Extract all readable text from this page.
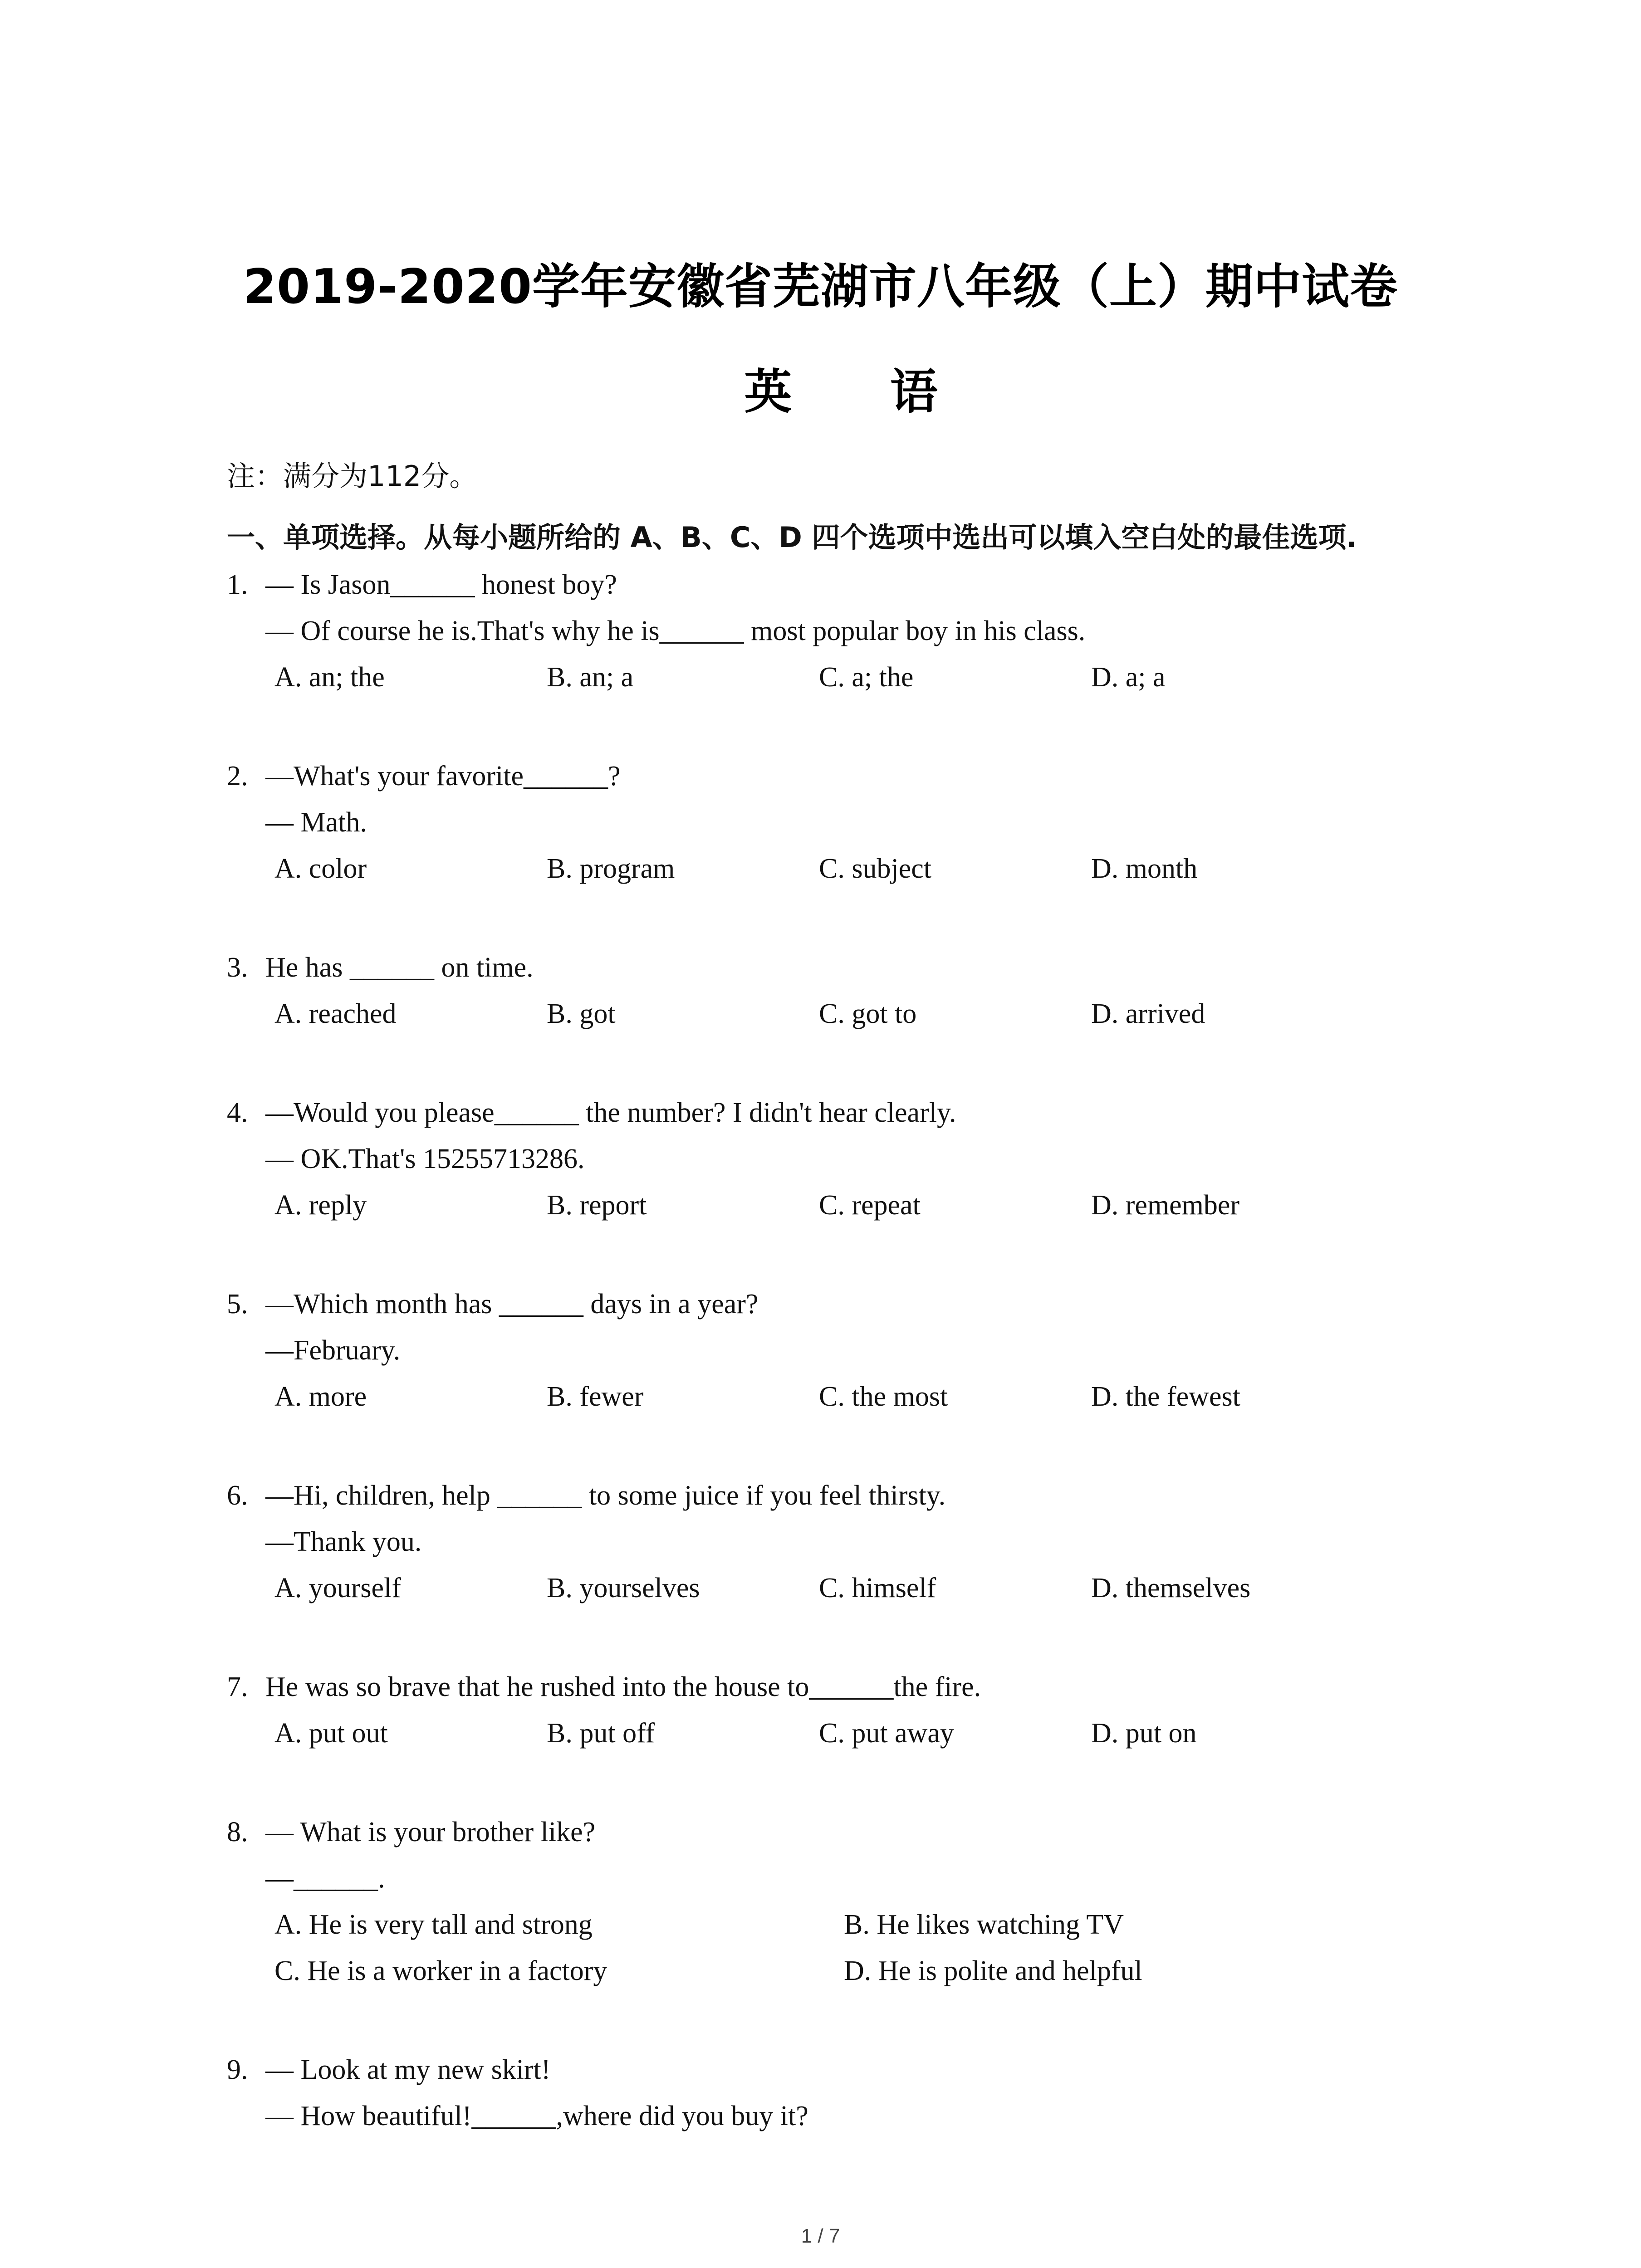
2019-2020学年安徽省芜湖市八年级（上）期中试卷
英 语
注：满分为112分。
一、单项选择。从每小题所给的 A、B、C、D 四个选项中选出可以填入空白处的最佳选项.
1. — Is Jason______ honest boy?
— Of course he is.That's why he is______ most popular boy in his class.
A. an; the	B. an; a	C. a; the	D. a; a
2. —What's your favorite______?
— Math.
A. color	B. program	C. subject	D. month
3. He has ______ on time.
A. reached	B. got	C. got to	D. arrived
4. —Would you please______ the number? I didn't hear clearly.
— OK.That's 15255713286.
A. reply	B. report	C. repeat	D. remember
5. —Which month has ______ days in a year?
—February.
A. more	B. fewer	C. the most	D. the fewest
6. —Hi, children, help ______ to some juice if you feel thirsty.
—Thank you.
A. yourself	B. yourselves	C. himself	D. themselves
7. He was so brave that he rushed into the house to______the fire.
A. put out	B. put off	C. put away	D. put on
8. — What is your brother like?
—______.
A. He is very tall and strong	B. He likes watching TV
C. He is a worker in a factory	D. He is polite and helpful
9. — Look at my new skirt!
— How beautiful!______,where did you buy it?
1 / 7
